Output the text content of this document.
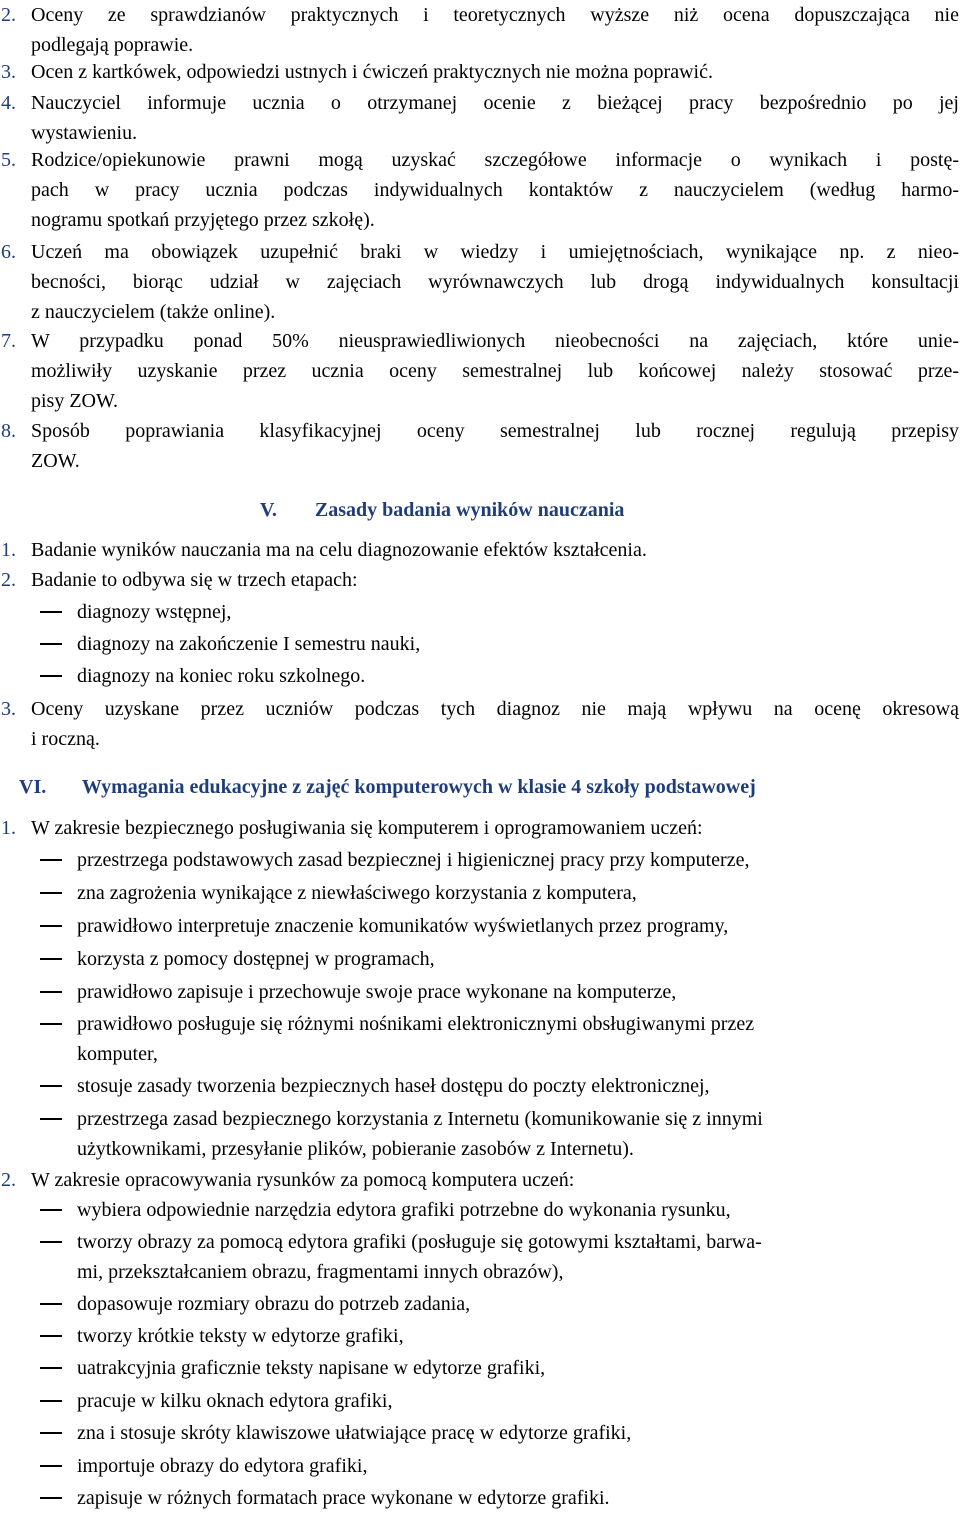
2. Oceny ze sprawdzianów praktycznych i teoretycznych wyższe niż ocena dopuszczająca nie
podlegają poprawie.
3. Ocen z kartkówek, odpowiedzi ustnych i ćwiczeń praktycznych nie można poprawić.
4. Nauczyciel informuje ucznia o otrzymanej ocenie z bieżącej pracy bezpośrednio po jej
wystawieniu.
5. Rodzice/opiekunowie prawni mogą uzyskać szczegółowe informacje o wynikach i postę-
pach w pracy ucznia podczas indywidualnych kontaktów z nauczycielem (według harmo-
nogramu spotkań przyjętego przez szkołę).
6. Uczeń ma obowiązek uzupełnić braki w wiedzy i umiejętnościach, wynikające np. z nieo-
becności, biorąc udział w zajęciach wyrównawczych lub drogą indywidualnych konsultacji
z nauczycielem (także online).
7. W przypadku ponad 50% nieusprawiedliwionych nieobecności na zajęciach, które unie-
możliwiły uzyskanie przez ucznia oceny semestralnej lub końcowej należy stosować prze-
pisy ZOW.
8. Sposób poprawiania klasyfikacyjnej oceny semestralnej lub rocznej regulują przepisy
ZOW.
V. Zasady badania wyników nauczania
1. Badanie wyników nauczania ma na celu diagnozowanie efektów kształcenia.
2. Badanie to odbywa się w trzech etapach:
diagnozy wstępnej,
diagnozy na zakończenie I semestru nauki,
diagnozy na koniec roku szkolnego.
3. Oceny uzyskane przez uczniów podczas tych diagnoz nie mają wpływu na ocenę okresową
i roczną.
VI. Wymagania edukacyjne z zajęć komputerowych w klasie 4 szkoły podstawowej
1. W zakresie bezpiecznego posługiwania się komputerem i oprogramowaniem uczeń:
przestrzega podstawowych zasad bezpiecznej i higienicznej pracy przy komputerze,
zna zagrożenia wynikające z niewłaściwego korzystania z komputera,
prawidłowo interpretuje znaczenie komunikatów wyświetlanych przez programy,
korzysta z pomocy dostępnej w programach,
prawidłowo zapisuje i przechowuje swoje prace wykonane na komputerze,
prawidłowo posługuje się różnymi nośnikami elektronicznymi obsługiwanymi przez
komputer,
stosuje zasady tworzenia bezpiecznych haseł dostępu do poczty elektronicznej,
przestrzega zasad bezpiecznego korzystania z Internetu (komunikowanie się z innymi
użytkownikami, przesyłanie plików, pobieranie zasobów z Internetu).
2. W zakresie opracowywania rysunków za pomocą komputera uczeń:
wybiera odpowiednie narzędzia edytora grafiki potrzebne do wykonania rysunku,
tworzy obrazy za pomocą edytora grafiki (posługuje się gotowymi kształtami, barwa-
mi, przekształcaniem obrazu, fragmentami innych obrazów),
dopasowuje rozmiary obrazu do potrzeb zadania,
tworzy krótkie teksty w edytorze grafiki,
uatrakcyjnia graficznie teksty napisane w edytorze grafiki,
pracuje w kilku oknach edytora grafiki,
zna i stosuje skróty klawiszowe ułatwiające pracę w edytorze grafiki,
importuje obrazy do edytora grafiki,
zapisuje w różnych formatach prace wykonane w edytorze grafiki.
